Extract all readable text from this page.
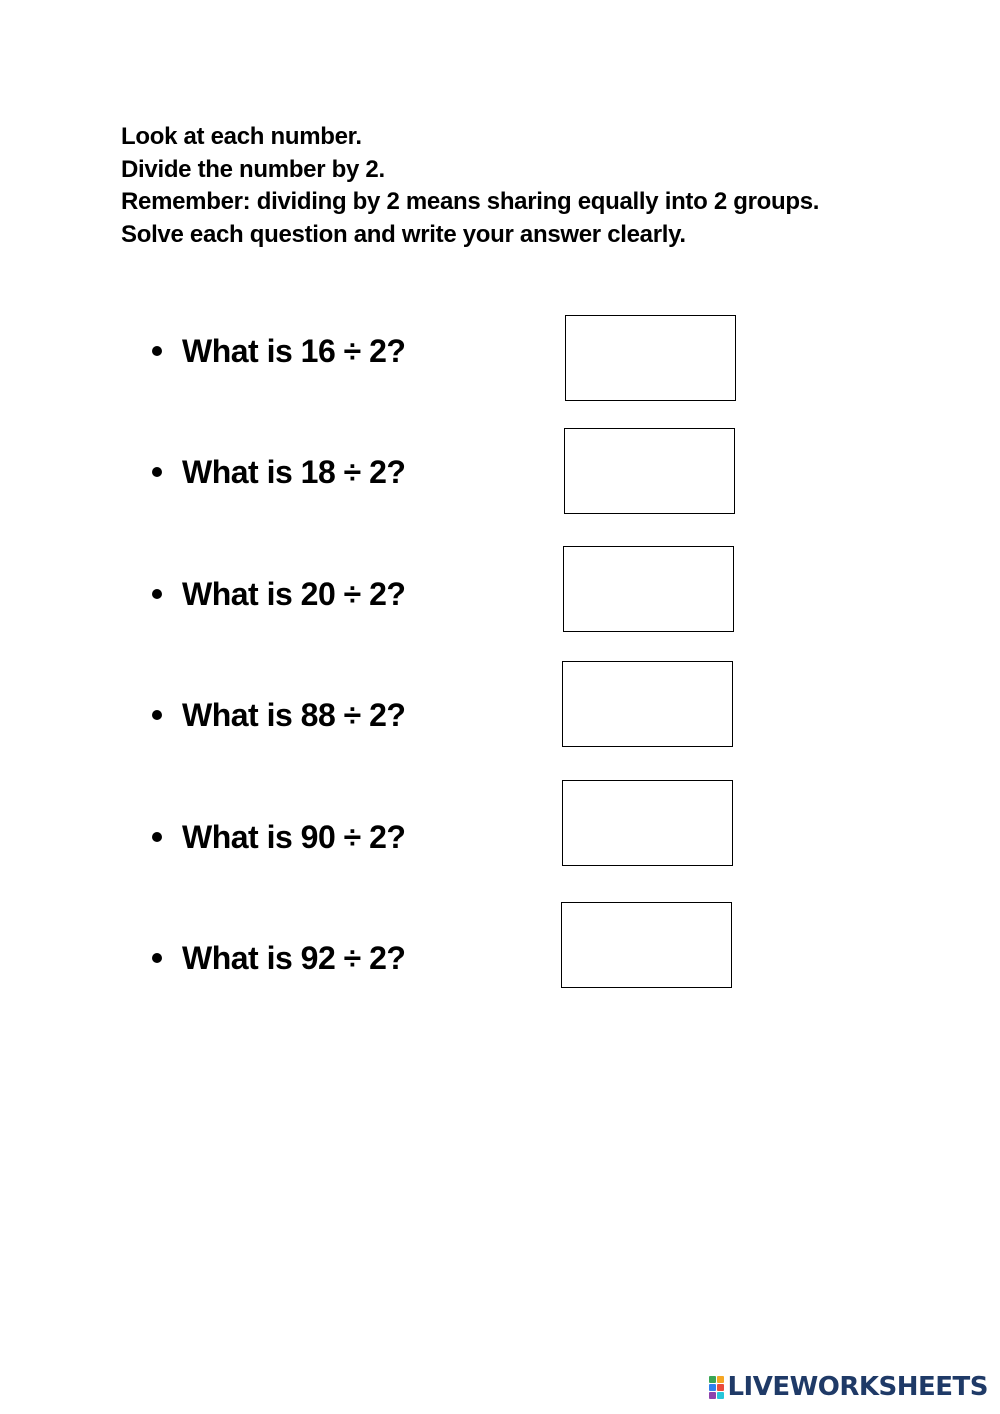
Look at each number.
Divide the number by 2.
Remember: dividing by 2 means sharing equally into 2 groups.
Solve each question and write your answer clearly.
What is 16 ÷ 2?
What is 18 ÷ 2?
What is 20 ÷ 2?
What is 88 ÷ 2?
What is 90 ÷ 2?
What is 92 ÷ 2?
LIVEWORKSHEETS
